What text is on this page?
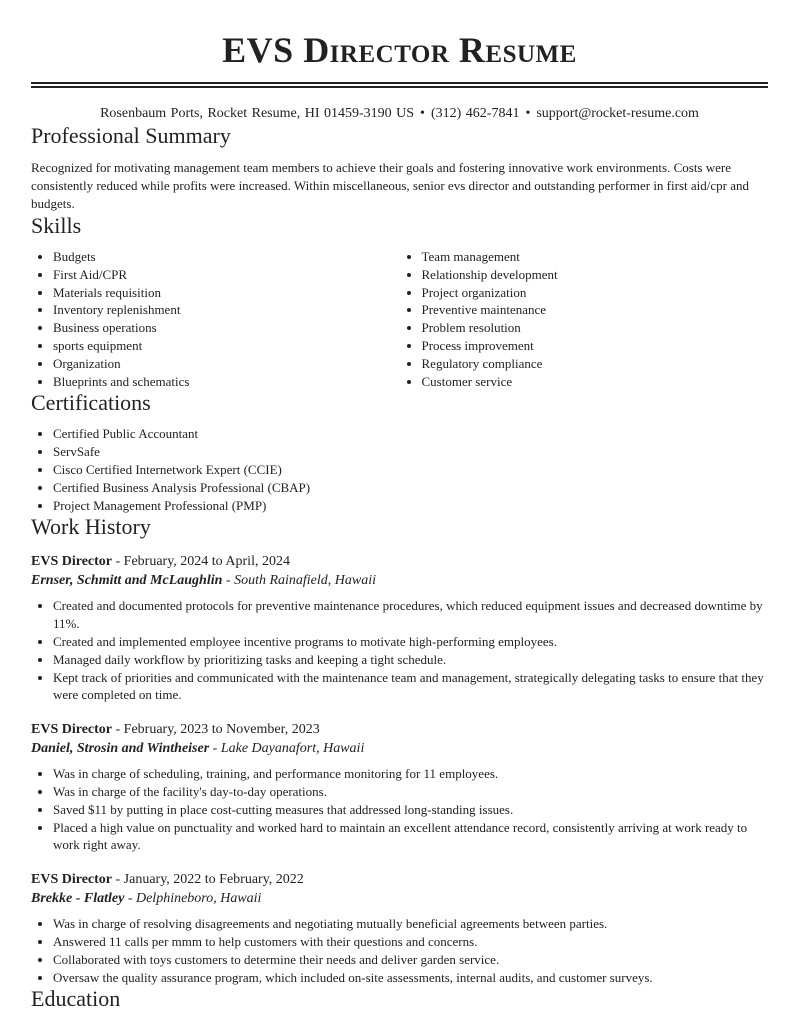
EVS Director Resume
Rosenbaum Ports, Rocket Resume, HI 01459-3190 US • (312) 462-7841 • support@rocket-resume.com
Professional Summary

Recognized for motivating management team members to achieve their goals and fostering innovative work environments. Costs were consistently reduced while profits were increased. Within miscellaneous, senior evs director and outstanding performer in first aid/cpr and budgets.

Skills
• Budgets
• First Aid/CPR
• Materials requisition
• Inventory replenishment
• Business operations
• sports equipment
• Organization
• Blueprints and schematics
• Team management
• Relationship development
• Project organization
• Preventive maintenance
• Problem resolution
• Process improvement
• Regulatory compliance
• Customer service
Certifications
• Certified Public Accountant
• ServSafe
• Cisco Certified Internetwork Expert (CCIE)
• Certified Business Analysis Professional (CBAP)
• Project Management Professional (PMP)
Work History
EVS Director - February, 2024 to April, 2024
Ernser, Schmitt and McLaughlin - South Rainafield, Hawaii
• Created and documented protocols for preventive maintenance procedures, which reduced equipment issues and decreased downtime by 11%.
• Created and implemented employee incentive programs to motivate high-performing employees.
• Managed daily workflow by prioritizing tasks and keeping a tight schedule.
• Kept track of priorities and communicated with the maintenance team and management, strategically delegating tasks to ensure that they were completed on time.
EVS Director - February, 2023 to November, 2023
Daniel, Strosin and Wintheiser - Lake Dayanafort, Hawaii
• Was in charge of scheduling, training, and performance monitoring for 11 employees.
• Was in charge of the facility's day-to-day operations.
• Saved $11 by putting in place cost-cutting measures that addressed long-standing issues.
• Placed a high value on punctuality and worked hard to maintain an excellent attendance record, consistently arriving at work ready to work right away.
EVS Director - January, 2022 to February, 2022
Brekke - Flatley - Delphineboro, Hawaii
• Was in charge of resolving disagreements and negotiating mutually beneficial agreements between parties.
• Answered 11 calls per mmm to help customers with their questions and concerns.
• Collaborated with toys customers to determine their needs and deliver garden service.
• Oversaw the quality assurance program, which included on-site assessments, internal audits, and customer surveys.
Education
